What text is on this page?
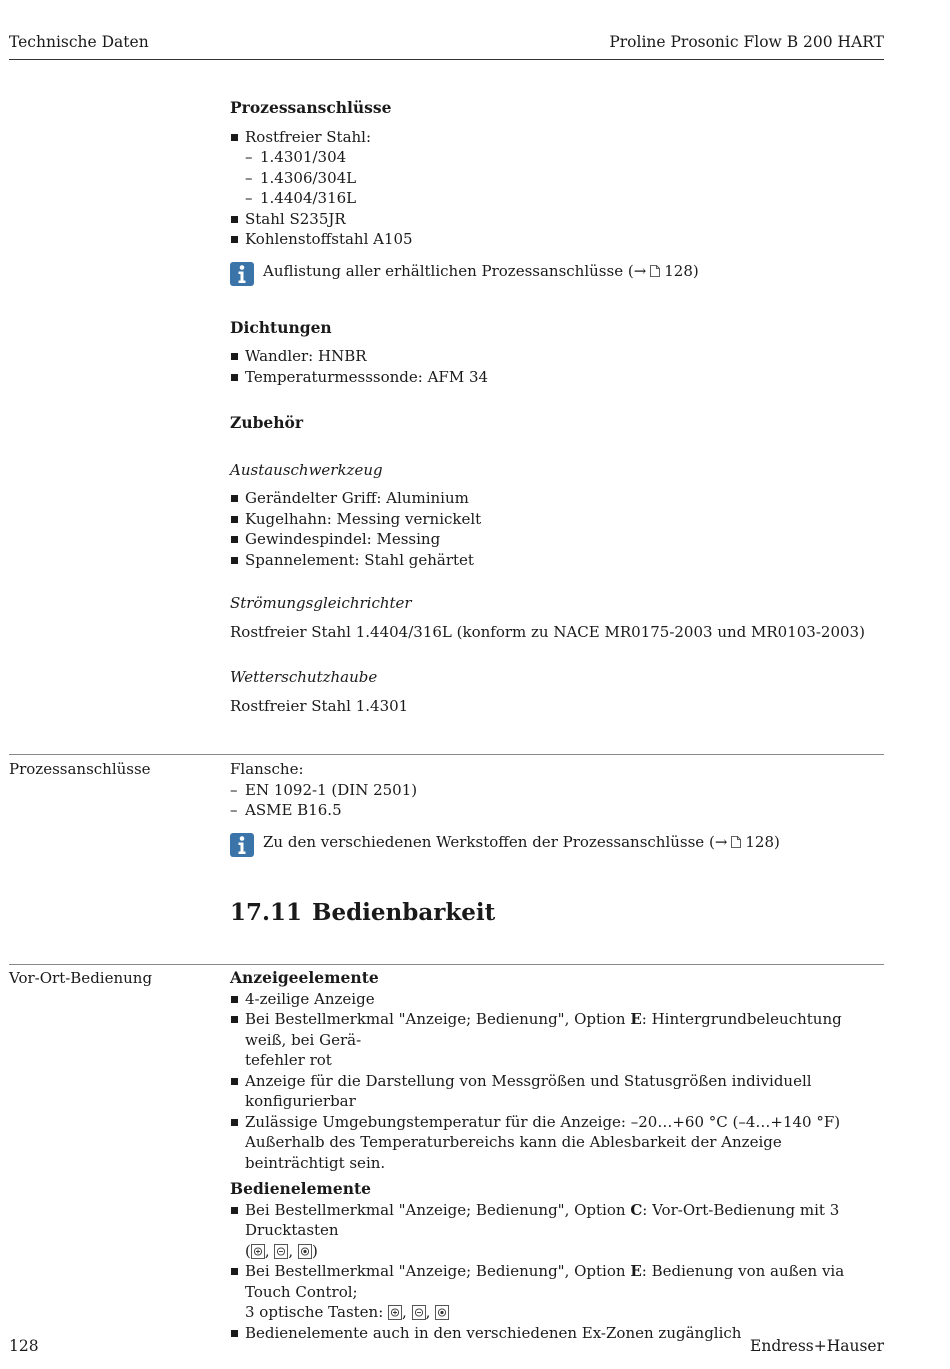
Technische Daten	Proline Prosonic Flow B 200 HART
Prozessanschlüsse
Rostfreier Stahl:
– 1.4301/304
– 1.4306/304L
– 1.4404/316L
Stahl S235JR
Kohlenstoffstahl A105
Auflistung aller erhältlichen Prozessanschlüsse (→ 128)
Dichtungen
Wandler: HNBR
Temperaturmesssonde: AFM 34
Zubehör
Austauschwerkzeug
Gerändelter Griff: Aluminium
Kugelhahn: Messing vernickelt
Gewindespindel: Messing
Spannelement: Stahl gehärtet
Strömungsgleichrichter
Rostfreier Stahl 1.4404/316L (konform zu NACE MR0175-2003 und MR0103-2003)
Wetterschutzhaube
Rostfreier Stahl 1.4301
Prozessanschlüsse	Flansche:
– EN 1092-1 (DIN 2501)
– ASME B16.5
Zu den verschiedenen Werkstoffen der Prozessanschlüsse (→ 128)
17.11 Bedienbarkeit
Vor-Ort-Bedienung	Anzeigeelemente
4-zeilige Anzeige
Bei Bestellmerkmal "Anzeige; Bedienung", Option E: Hintergrundbeleuchtung weiß, bei Gerä-
tefehler rot
Anzeige für die Darstellung von Messgrößen und Statusgrößen individuell konfigurierbar
Zulässige Umgebungstemperatur für die Anzeige: –20…+60 °C (–4…+140 °F)
Außerhalb des Temperaturbereichs kann die Ablesbarkeit der Anzeige beinträchtigt sein.
Bedienelemente
Bei Bestellmerkmal "Anzeige; Bedienung", Option C: Vor-Ort-Bedienung mit 3 Drucktasten
( ,
,
)
Bei Bestellmerkmal "Anzeige; Bedienung", Option E: Bedienung von außen via Touch Control;
3 optische Tasten:
,
,
Bedienelemente auch in den verschiedenen Ex-Zonen zugänglich
128	Endress+Hauser
